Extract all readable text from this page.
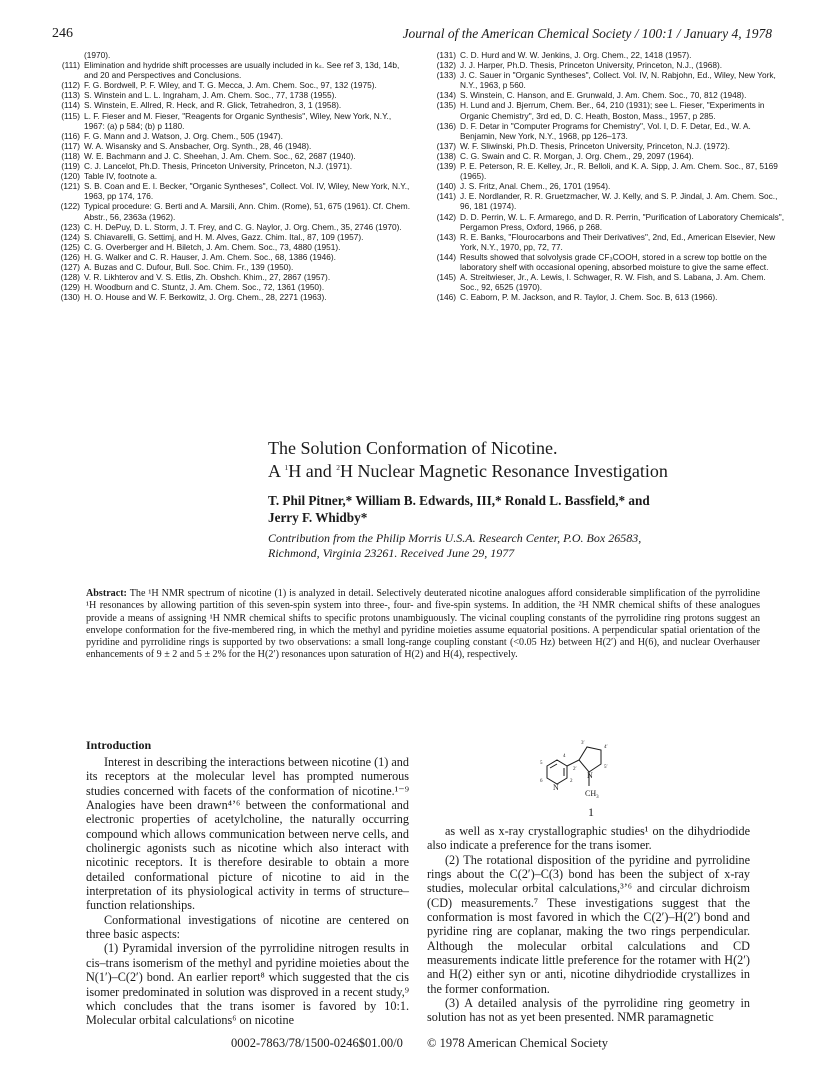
246	Journal of the American Chemical Society / 100:1 / January 4, 1978
(1970).
(111) Elimination and hydride shift processes are usually included in kₛ. See ref 3, 13d, 14b, and 20 and Perspectives and Conclusions.
(112) F. G. Bordwell, P. F. Wiley, and T. G. Mecca, J. Am. Chem. Soc., 97, 132 (1975).
(113) S. Winstein and L. L. Ingraham, J. Am. Chem. Soc., 77, 1738 (1955).
(114) S. Winstein, E. Allred, R. Heck, and R. Glick, Tetrahedron, 3, 1 (1958).
(115) L. F. Fieser and M. Fieser, "Reagents for Organic Synthesis", Wiley, New York, N.Y., 1967: (a) p 584; (b) p 1180.
(116) F. G. Mann and J. Watson, J. Org. Chem., 505 (1947).
(117) W. A. Wisansky and S. Ansbacher, Org. Synth., 28, 46 (1948).
(118) W. E. Bachmann and J. C. Sheehan, J. Am. Chem. Soc., 62, 2687 (1940).
(119) C. J. Lancelot, Ph.D. Thesis, Princeton University, Princeton, N.J. (1971).
(120) Table IV, footnote a.
(121) S. B. Coan and E. I. Becker, "Organic Syntheses", Collect. Vol. IV, Wiley, New York, N.Y., 1963, pp 174, 176.
(122) Typical procedure: G. Berti and A. Marsili, Ann. Chim. (Rome), 51, 675 (1961). Cf. Chem. Abstr., 56, 2363a (1962).
(123) C. H. DePuy, D. L. Storm, J. T. Frey, and C. G. Naylor, J. Org. Chem., 35, 2746 (1970).
(124) S. Chiavarelli, G. Settimj, and H. M. Alves, Gazz. Chim. Ital., 87, 109 (1957).
(125) C. G. Overberger and H. Biletch, J. Am. Chem. Soc., 73, 4880 (1951).
(126) H. G. Walker and C. R. Hauser, J. Am. Chem. Soc., 68, 1386 (1946).
(127) A. Buzas and C. Dufour, Bull. Soc. Chim. Fr., 139 (1950).
(128) V. R. Likhterov and V. S. Etlis, Zh. Obshch. Khim., 27, 2867 (1957).
(129) H. Woodburn and C. Stuntz, J. Am. Chem. Soc., 72, 1361 (1950).
(130) H. O. House and W. F. Berkowitz, J. Org. Chem., 28, 2271 (1963).
(131) C. D. Hurd and W. W. Jenkins, J. Org. Chem., 22, 1418 (1957).
(132) J. J. Harper, Ph.D. Thesis, Princeton University, Princeton, N.J., (1968).
(133) J. C. Sauer in "Organic Syntheses", Collect. Vol. IV, N. Rabjohn, Ed., Wiley, New York, N.Y., 1963, p 560.
(134) S. Winstein, C. Hanson, and E. Grunwald, J. Am. Chem. Soc., 70, 812 (1948).
(135) H. Lund and J. Bjerrum, Chem. Ber., 64, 210 (1931); see L. Fieser, "Experiments in Organic Chemistry", 3rd ed, D. C. Heath, Boston, Mass., 1957, p 285.
(136) D. F. Detar in "Computer Programs for Chemistry", Vol. I, D. F. Detar, Ed., W. A. Benjamin, New York, N.Y., 1968, pp 126–173.
(137) W. F. Sliwinski, Ph.D. Thesis, Princeton University, Princeton, N.J. (1972).
(138) C. G. Swain and C. R. Morgan, J. Org. Chem., 29, 2097 (1964).
(139) P. E. Peterson, R. E. Kelley, Jr., R. Belloli, and K. A. Sipp, J. Am. Chem. Soc., 87, 5169 (1965).
(140) J. S. Fritz, Anal. Chem., 26, 1701 (1954).
(141) J. E. Nordlander, R. R. Gruetzmacher, W. J. Kelly, and S. P. Jindal, J. Am. Chem. Soc., 96, 181 (1974).
(142) D. D. Perrin, W. L. F. Armarego, and D. R. Perrin, "Purification of Laboratory Chemicals", Pergamon Press, Oxford, 1966, p 268.
(143) R. E. Banks, "Flourocarbons and Their Derivatives", 2nd, Ed., American Elsevier, New York, N.Y., 1970, pp, 72, 77.
(144) Results showed that solvolysis grade CF₃COOH, stored in a screw top bottle on the laboratory shelf with occasional opening, absorbed moisture to give the same effect.
(145) A. Streitwieser, Jr., A. Lewis, I. Schwager, R. W. Fish, and S. Labana, J. Am. Chem. Soc., 92, 6525 (1970).
(146) C. Eaborn, P. M. Jackson, and R. Taylor, J. Chem. Soc. B, 613 (1966).
The Solution Conformation of Nicotine.
A $^1$H and $^2$H Nuclear Magnetic Resonance Investigation
T. Phil Pitner,* William B. Edwards, III,* Ronald L. Bassfield,* and
Jerry F. Whidby*
Contribution from the Philip Morris U.S.A. Research Center, P.O. Box 26583,
Richmond, Virginia 23261. Received June 29, 1977
Abstract: The ¹H NMR spectrum of nicotine (1) is analyzed in detail. Selectively deuterated nicotine analogues afford considerable simplification of the pyrrolidine ¹H resonances by allowing partition of this seven-spin system into three-, four- and five-spin systems. In addition, the ²H NMR chemical shifts of these analogues provide a means of assigning ¹H NMR chemical shifts to specific protons unambiguously. The vicinal coupling constants of the pyrrolidine ring protons suggest an envelope conformation for the five-membered ring, in which the methyl and pyridine moieties assume equatorial positions. A perpendicular spatial orientation of the pyridine and pyrrolidine rings is supported by two observations: a small long-range coupling constant (<0.05 Hz) between H(2′) and H(6), and nuclear Overhauser enhancements of 9 ± 2 and 5 ± 2% for the H(2′) resonances upon saturation of H(2) and H(4), respectively.
Introduction

Interest in describing the interactions between nicotine (1) and its receptors at the molecular level has prompted numerous studies concerned with facets of the conformation of nicotine.¹⁻⁹ Analogies have been drawn⁴ʼ⁶ between the conformational and electronic properties of acetylcholine, the naturally occurring compound which allows communication between nerve cells, and cholinergic agonists such as nicotine which also interact with nicotinic receptors. It is therefore desirable to obtain a more detailed conformational picture of nicotine to aid in the interpretation of its physiological activity in terms of structure–function relationships.

Conformational investigations of nicotine are centered on three basic aspects:

(1) Pyramidal inversion of the pyrrolidine nitrogen results in cis–trans isomerism of the methyl and pyridine moieties about the N(1′)–C(2′) bond. An earlier report⁸ which suggested that the cis isomer predominated in solution was disproved in a recent study,⁹ which concludes that the trans isomer is favored by 10:1. Molecular orbital calculations⁶ on nicotine

N
N
$CH_3$
2
4
5
6
2′
3′
4′
5′
1

as well as x-ray crystallographic studies¹ on the dihydriodide also indicate a preference for the trans isomer.

(2) The rotational disposition of the pyridine and pyrrolidine rings about the C(2′)–C(3) bond has been the subject of x-ray studies, molecular orbital calculations,³ʼ⁶ and circular dichroism (CD) measurements.⁷ These investigations suggest that the conformation is most favored in which the C(2′)–H(2′) bond and pyridine ring are coplanar, making the two rings perpendicular. Although the molecular orbital calculations and CD measurements indicate little preference for the rotamer with H(2′) and H(2) either syn or anti, nicotine dihydriodide crystallizes in the former conformation.

(3) A detailed analysis of the pyrrolidine ring geometry in solution has not as yet been presented. NMR paramagnetic

0002-7863/78/1500-0246$01.00/0 © 1978 American Chemical Society
